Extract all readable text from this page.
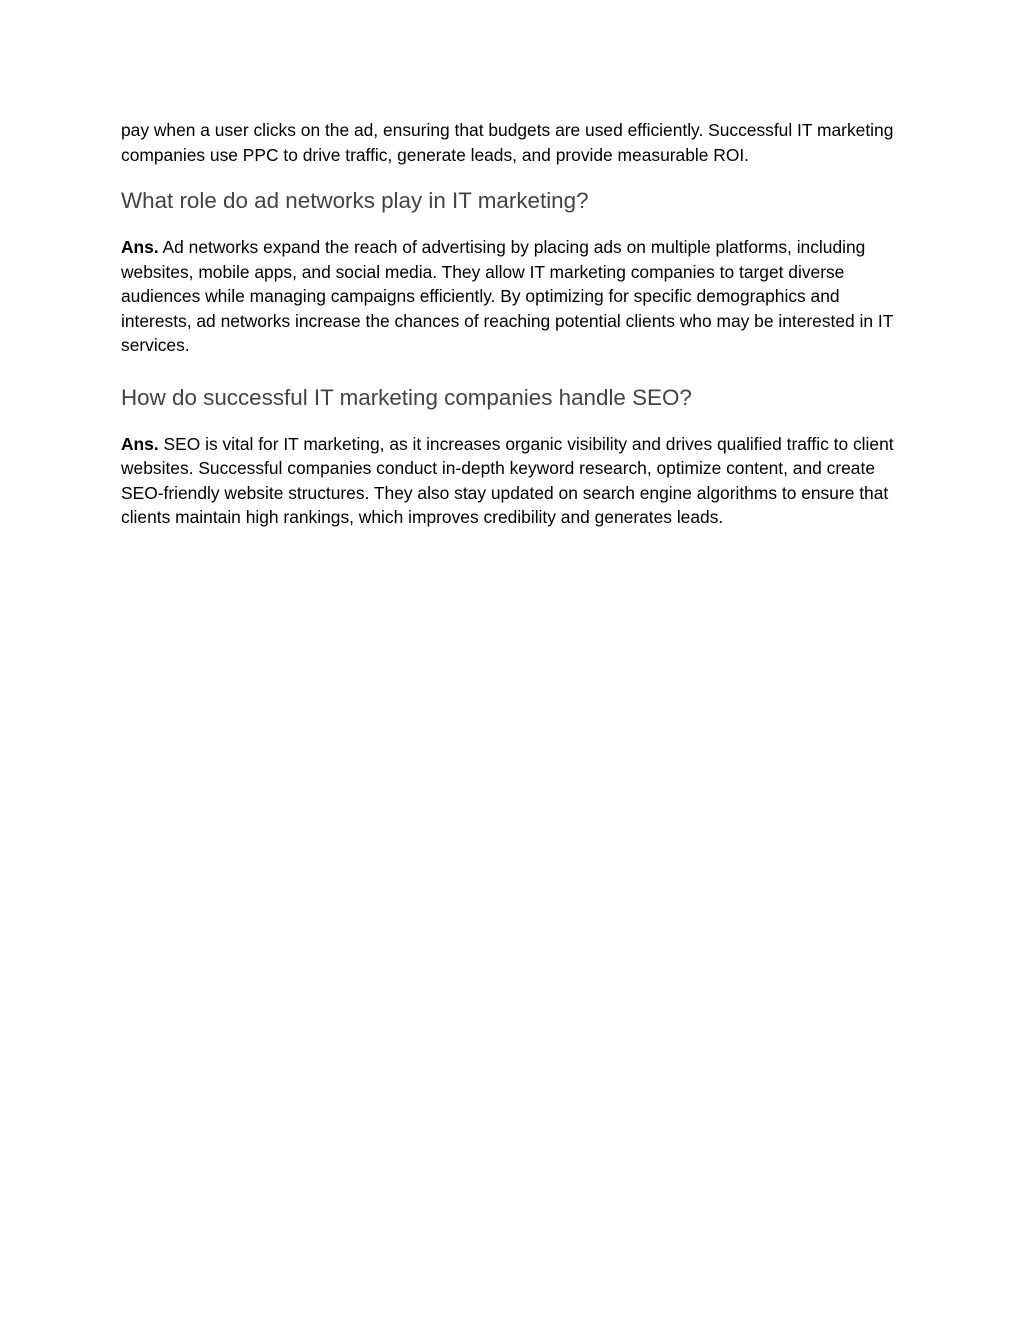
pay when a user clicks on the ad, ensuring that budgets are used efficiently. Successful IT marketing companies use PPC to drive traffic, generate leads, and provide measurable ROI.

What role do ad networks play in IT marketing?

Ans. Ad networks expand the reach of advertising by placing ads on multiple platforms, including websites, mobile apps, and social media. They allow IT marketing companies to target diverse audiences while managing campaigns efficiently. By optimizing for specific demographics and interests, ad networks increase the chances of reaching potential clients who may be interested in IT services.

How do successful IT marketing companies handle SEO?

Ans. SEO is vital for IT marketing, as it increases organic visibility and drives qualified traffic to client websites. Successful companies conduct in-depth keyword research, optimize content, and create SEO-friendly website structures. They also stay updated on search engine algorithms to ensure that clients maintain high rankings, which improves credibility and generates leads.
